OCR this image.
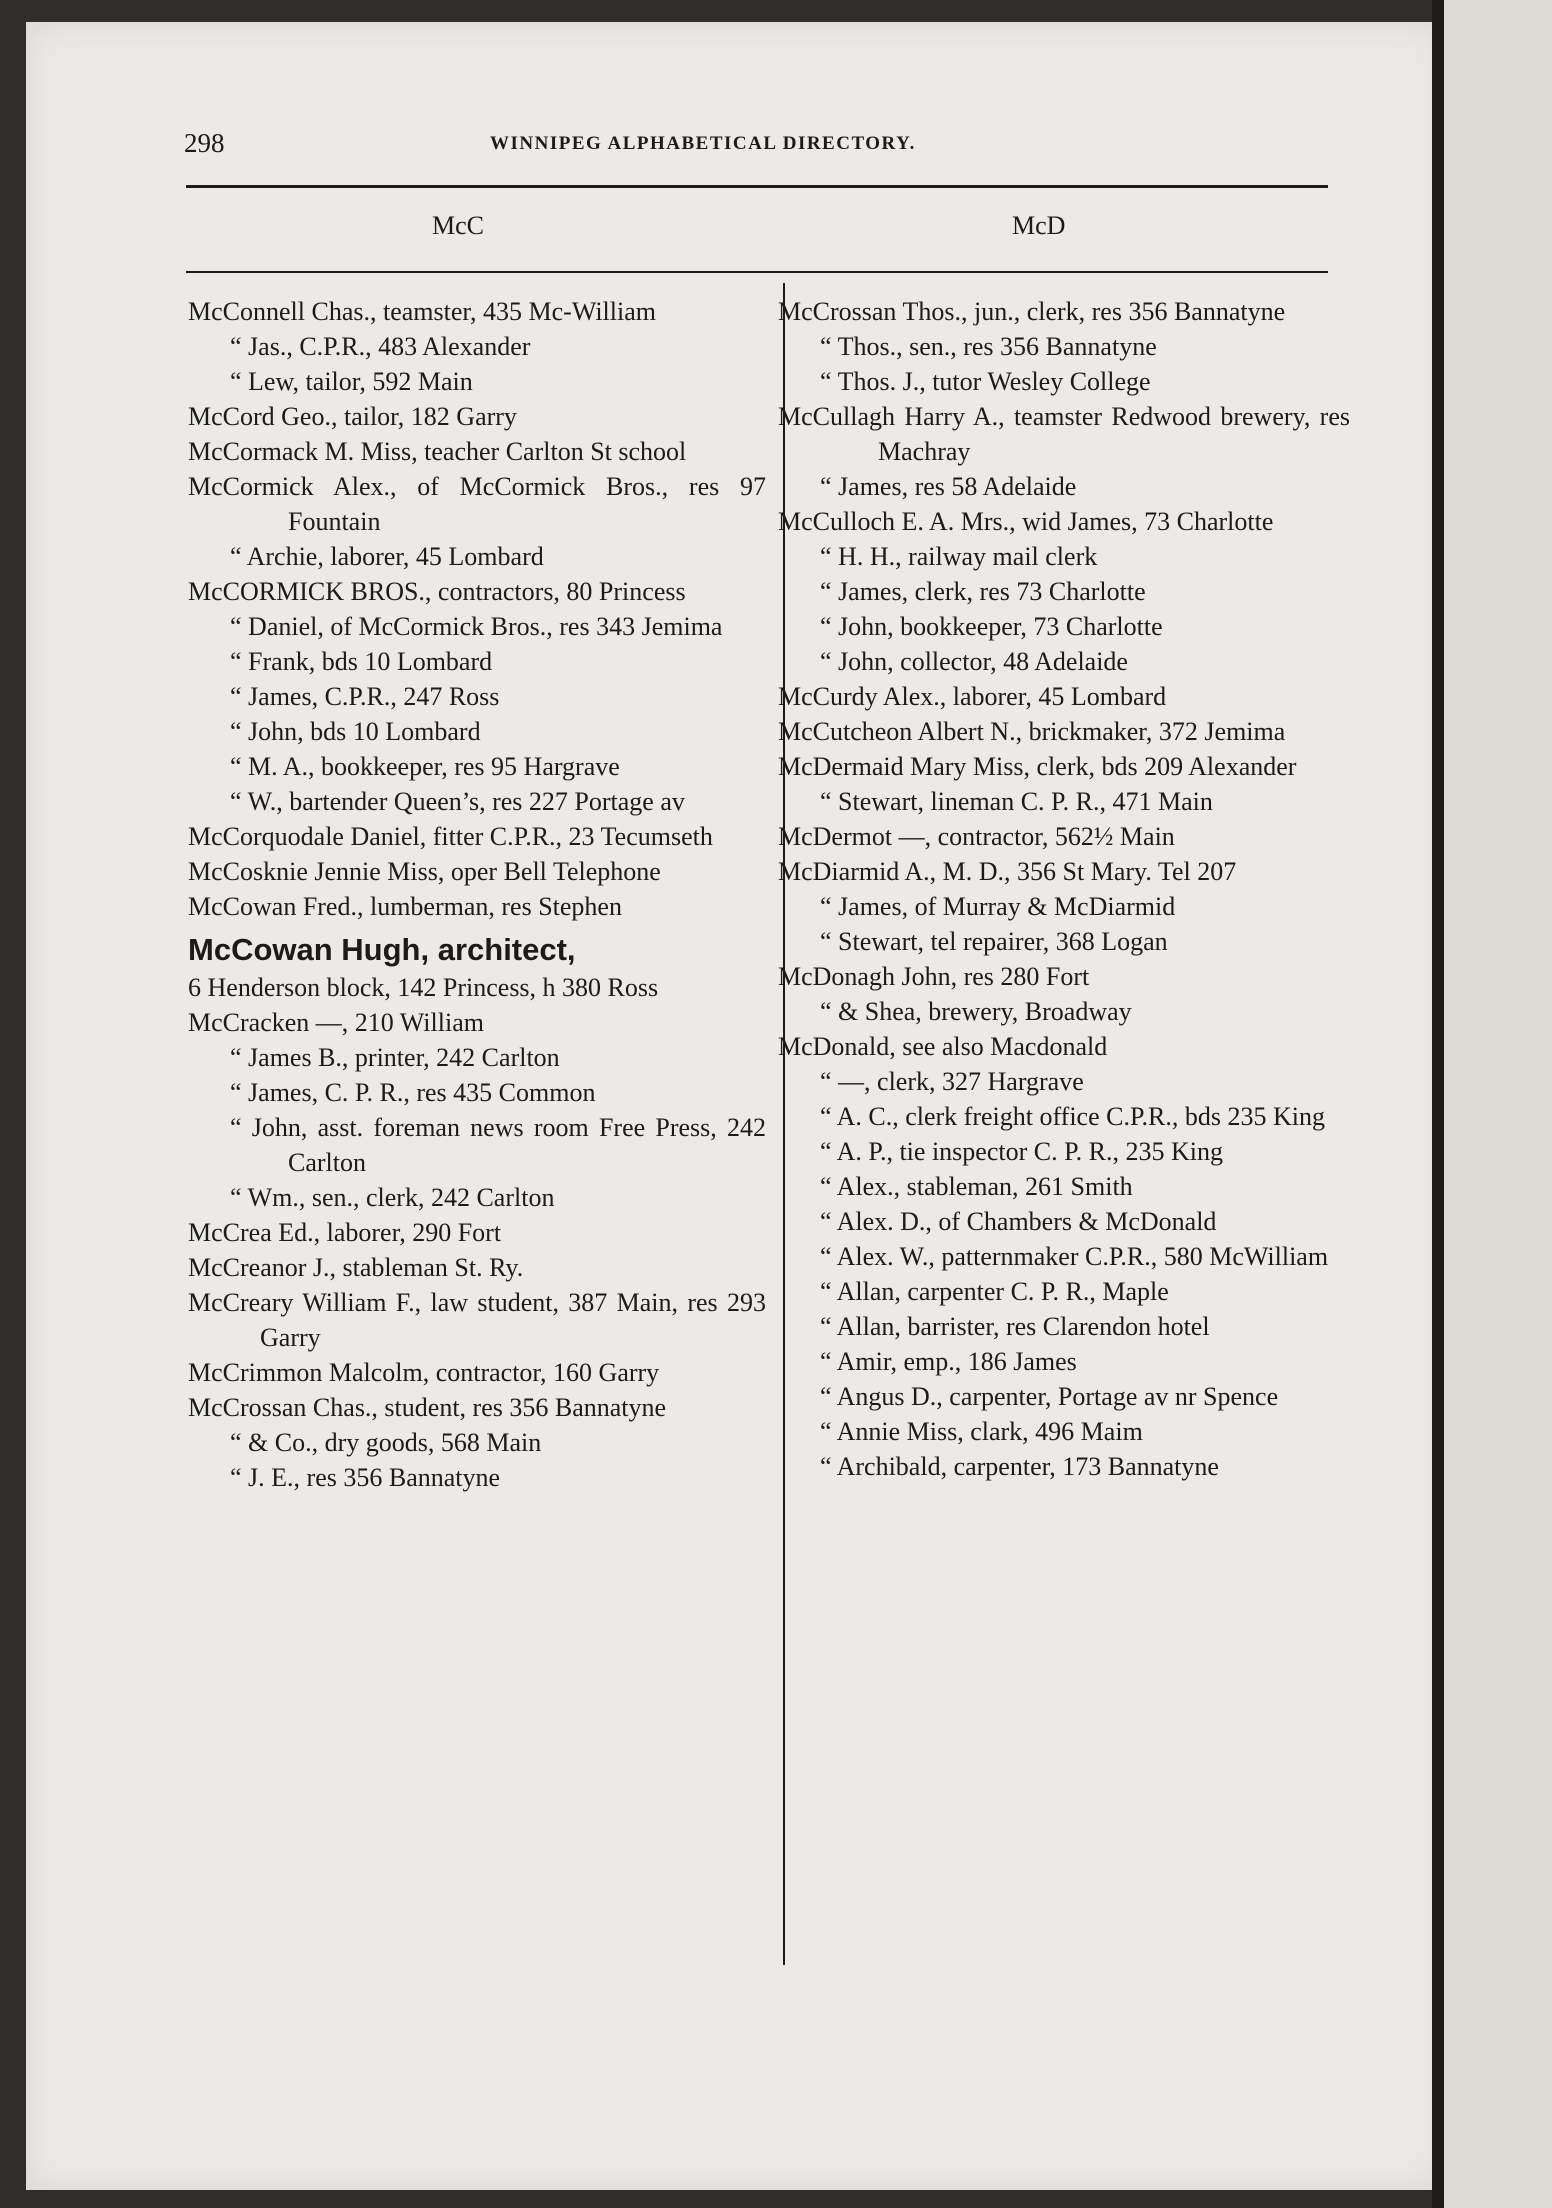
298	WINNIPEG ALPHABETICAL DIRECTORY.
McC	McD
McConnell Chas., teamster, 435 Mc-William
“ Jas., C.P.R., 483 Alexander
“ Lew, tailor, 592 Main
McCord Geo., tailor, 182 Garry
McCormack M. Miss, teacher Carlton St school
McCormick Alex., of McCormick Bros., res 97 Fountain
“ Archie, laborer, 45 Lombard
McCORMICK BROS., contractors, 80 Princess
“ Daniel, of McCormick Bros., res 343 Jemima
“ Frank, bds 10 Lombard
“ James, C.P.R., 247 Ross
“ John, bds 10 Lombard
“ M. A., bookkeeper, res 95 Hargrave
“ W., bartender Queen’s, res 227 Portage av
McCorquodale Daniel, fitter C.P.R., 23 Tecumseth
McCosknie Jennie Miss, oper Bell Telephone
McCowan Fred., lumberman, res Stephen
McCowan Hugh, architect,
6 Henderson block, 142 Princess, h 380 Ross
McCracken —, 210 William
“ James B., printer, 242 Carlton
“ James, C. P. R., res 435 Common
“ John, asst. foreman news room Free Press, 242 Carlton
“ Wm., sen., clerk, 242 Carlton
McCrea Ed., laborer, 290 Fort
McCreanor J., stableman St. Ry.
McCreary William F., law student, 387 Main, res 293 Garry
McCrimmon Malcolm, contractor, 160 Garry
McCrossan Chas., student, res 356 Bannatyne
“ & Co., dry goods, 568 Main
“ J. E., res 356 Bannatyne
McCrossan Thos., jun., clerk, res 356 Bannatyne
“ Thos., sen., res 356 Bannatyne
“ Thos. J., tutor Wesley College
McCullagh Harry A., teamster Redwood brewery, res Machray
“ James, res 58 Adelaide
McCulloch E. A. Mrs., wid James, 73 Charlotte
“ H. H., railway mail clerk
“ James, clerk, res 73 Charlotte
“ John, bookkeeper, 73 Charlotte
“ John, collector, 48 Adelaide
McCurdy Alex., laborer, 45 Lombard
McCutcheon Albert N., brickmaker, 372 Jemima
McDermaid Mary Miss, clerk, bds 209 Alexander
“ Stewart, lineman C. P. R., 471 Main
McDermot —, contractor, 562½ Main
McDiarmid A., M. D., 356 St Mary. Tel 207
“ James, of Murray & McDiarmid
“ Stewart, tel repairer, 368 Logan
McDonagh John, res 280 Fort
“ & Shea, brewery, Broadway
McDonald, see also Macdonald
“ —, clerk, 327 Hargrave
“ A. C., clerk freight office C.P.R., bds 235 King
“ A. P., tie inspector C. P. R., 235 King
“ Alex., stableman, 261 Smith
“ Alex. D., of Chambers & McDonald
“ Alex. W., patternmaker C.P.R., 580 McWilliam
“ Allan, carpenter C. P. R., Maple
“ Allan, barrister, res Clarendon hotel
“ Amir, emp., 186 James
“ Angus D., carpenter, Portage av nr Spence
“ Annie Miss, clark, 496 Maim
“ Archibald, carpenter, 173 Bannatyne
